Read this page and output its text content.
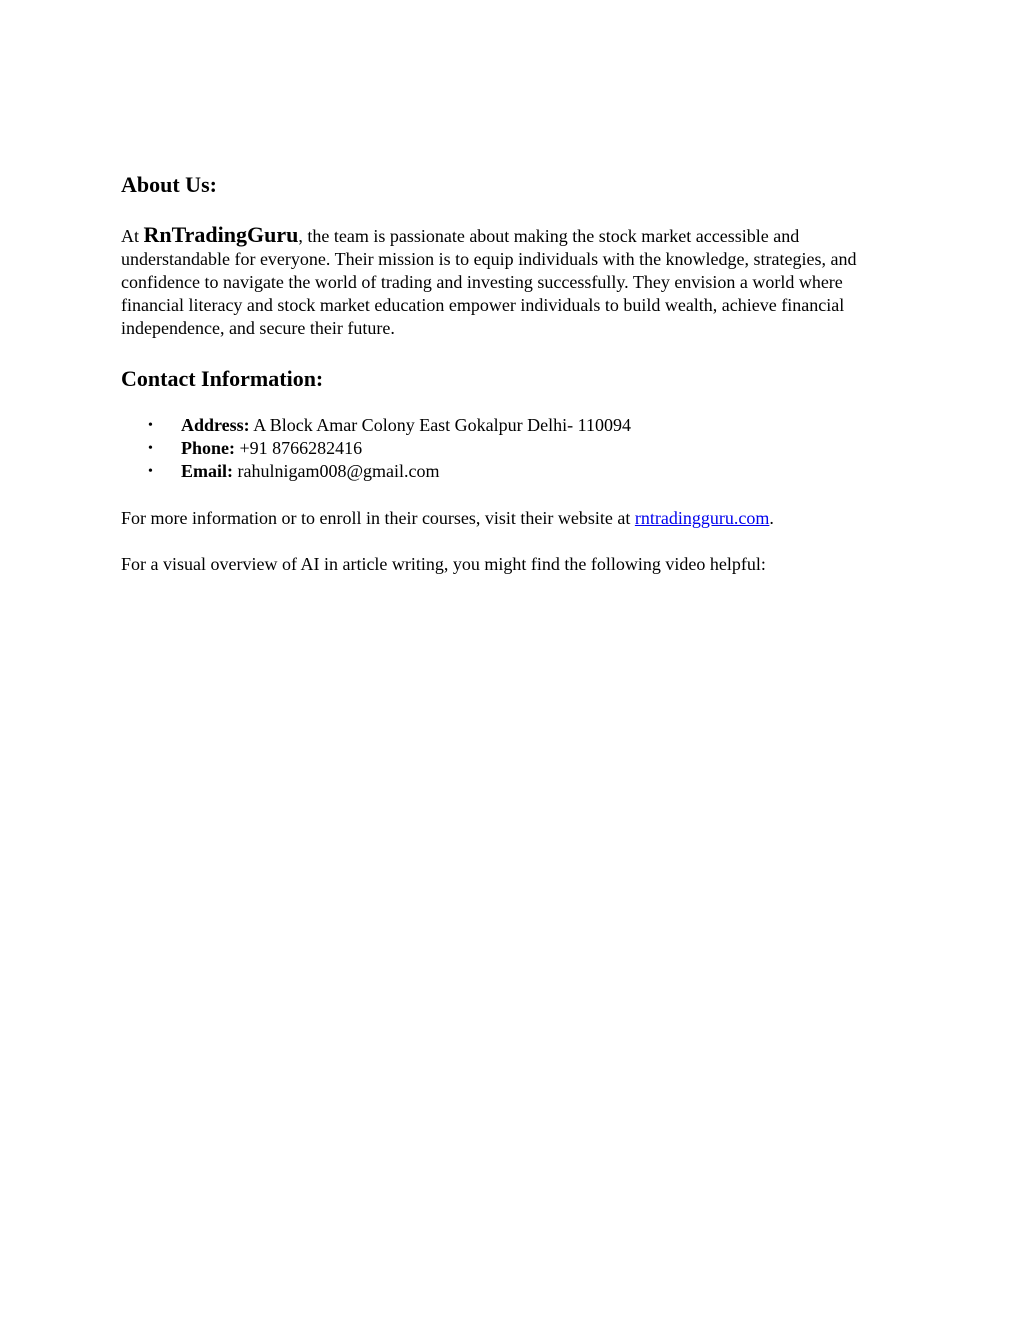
About Us:

At RnTradingGuru, the team is passionate about making the stock market accessible and understandable for everyone. Their mission is to equip individuals with the knowledge, strategies, and confidence to navigate the world of trading and investing successfully. They envision a world where financial literacy and stock market education empower individuals to build wealth, achieve financial independence, and secure their future.

Contact Information:
• Address: A Block Amar Colony East Gokalpur Delhi- 110094
• Phone: +91 8766282416
• Email: rahulnigam008@gmail.com

For more information or to enroll in their courses, visit their website at rntradingguru.com.

For a visual overview of AI in article writing, you might find the following video helpful:
